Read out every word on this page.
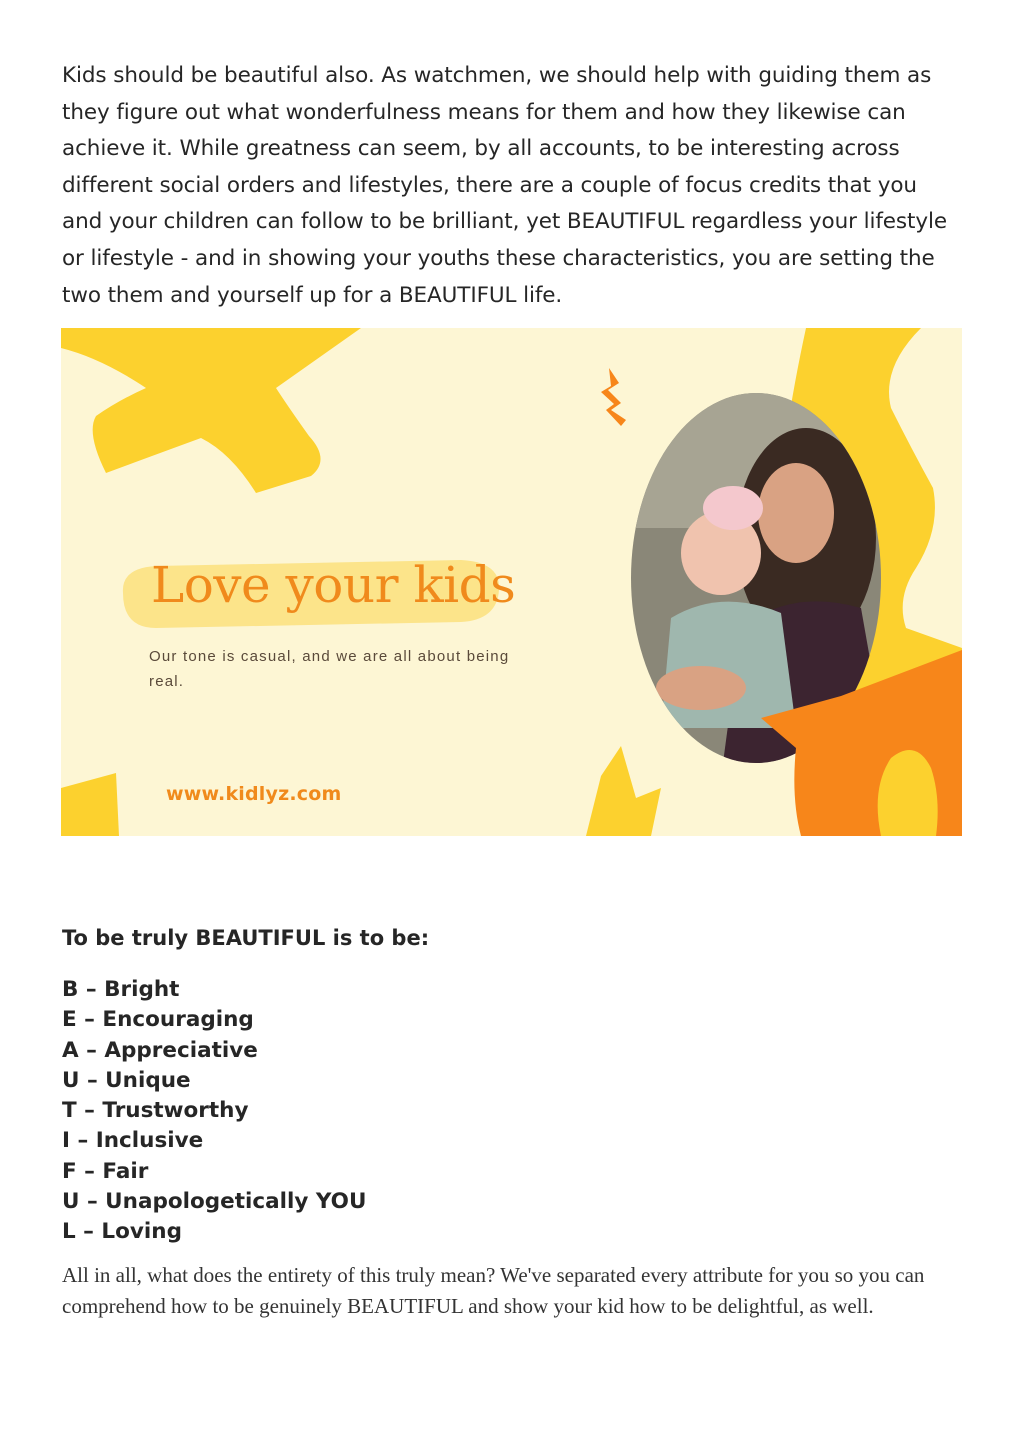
Kids should be beautiful also. As watchmen, we should help with guiding them as they figure out what wonderfulness means for them and how they likewise can achieve it. While greatness can seem, by all accounts, to be interesting across different social orders and lifestyles, there are a couple of focus credits that you and your children can follow to be brilliant, yet BEAUTIFUL regardless your lifestyle or lifestyle - and in showing your youths these characteristics, you are setting the two them and yourself up for a BEAUTIFUL life.

Love your kids

Our tone is casual, and we are all about being real.

www.kidlyz.com
To be truly BEAUTIFUL is to be:
B – Bright
E – Encouraging
A – Appreciative
U – Unique
T – Trustworthy
I – Inclusive
F – Fair
U – Unapologetically YOU
L – Loving

All in all, what does the entirety of this truly mean? We've separated every attribute for you so you can comprehend how to be genuinely BEAUTIFUL and show your kid how to be delightful, as well.
